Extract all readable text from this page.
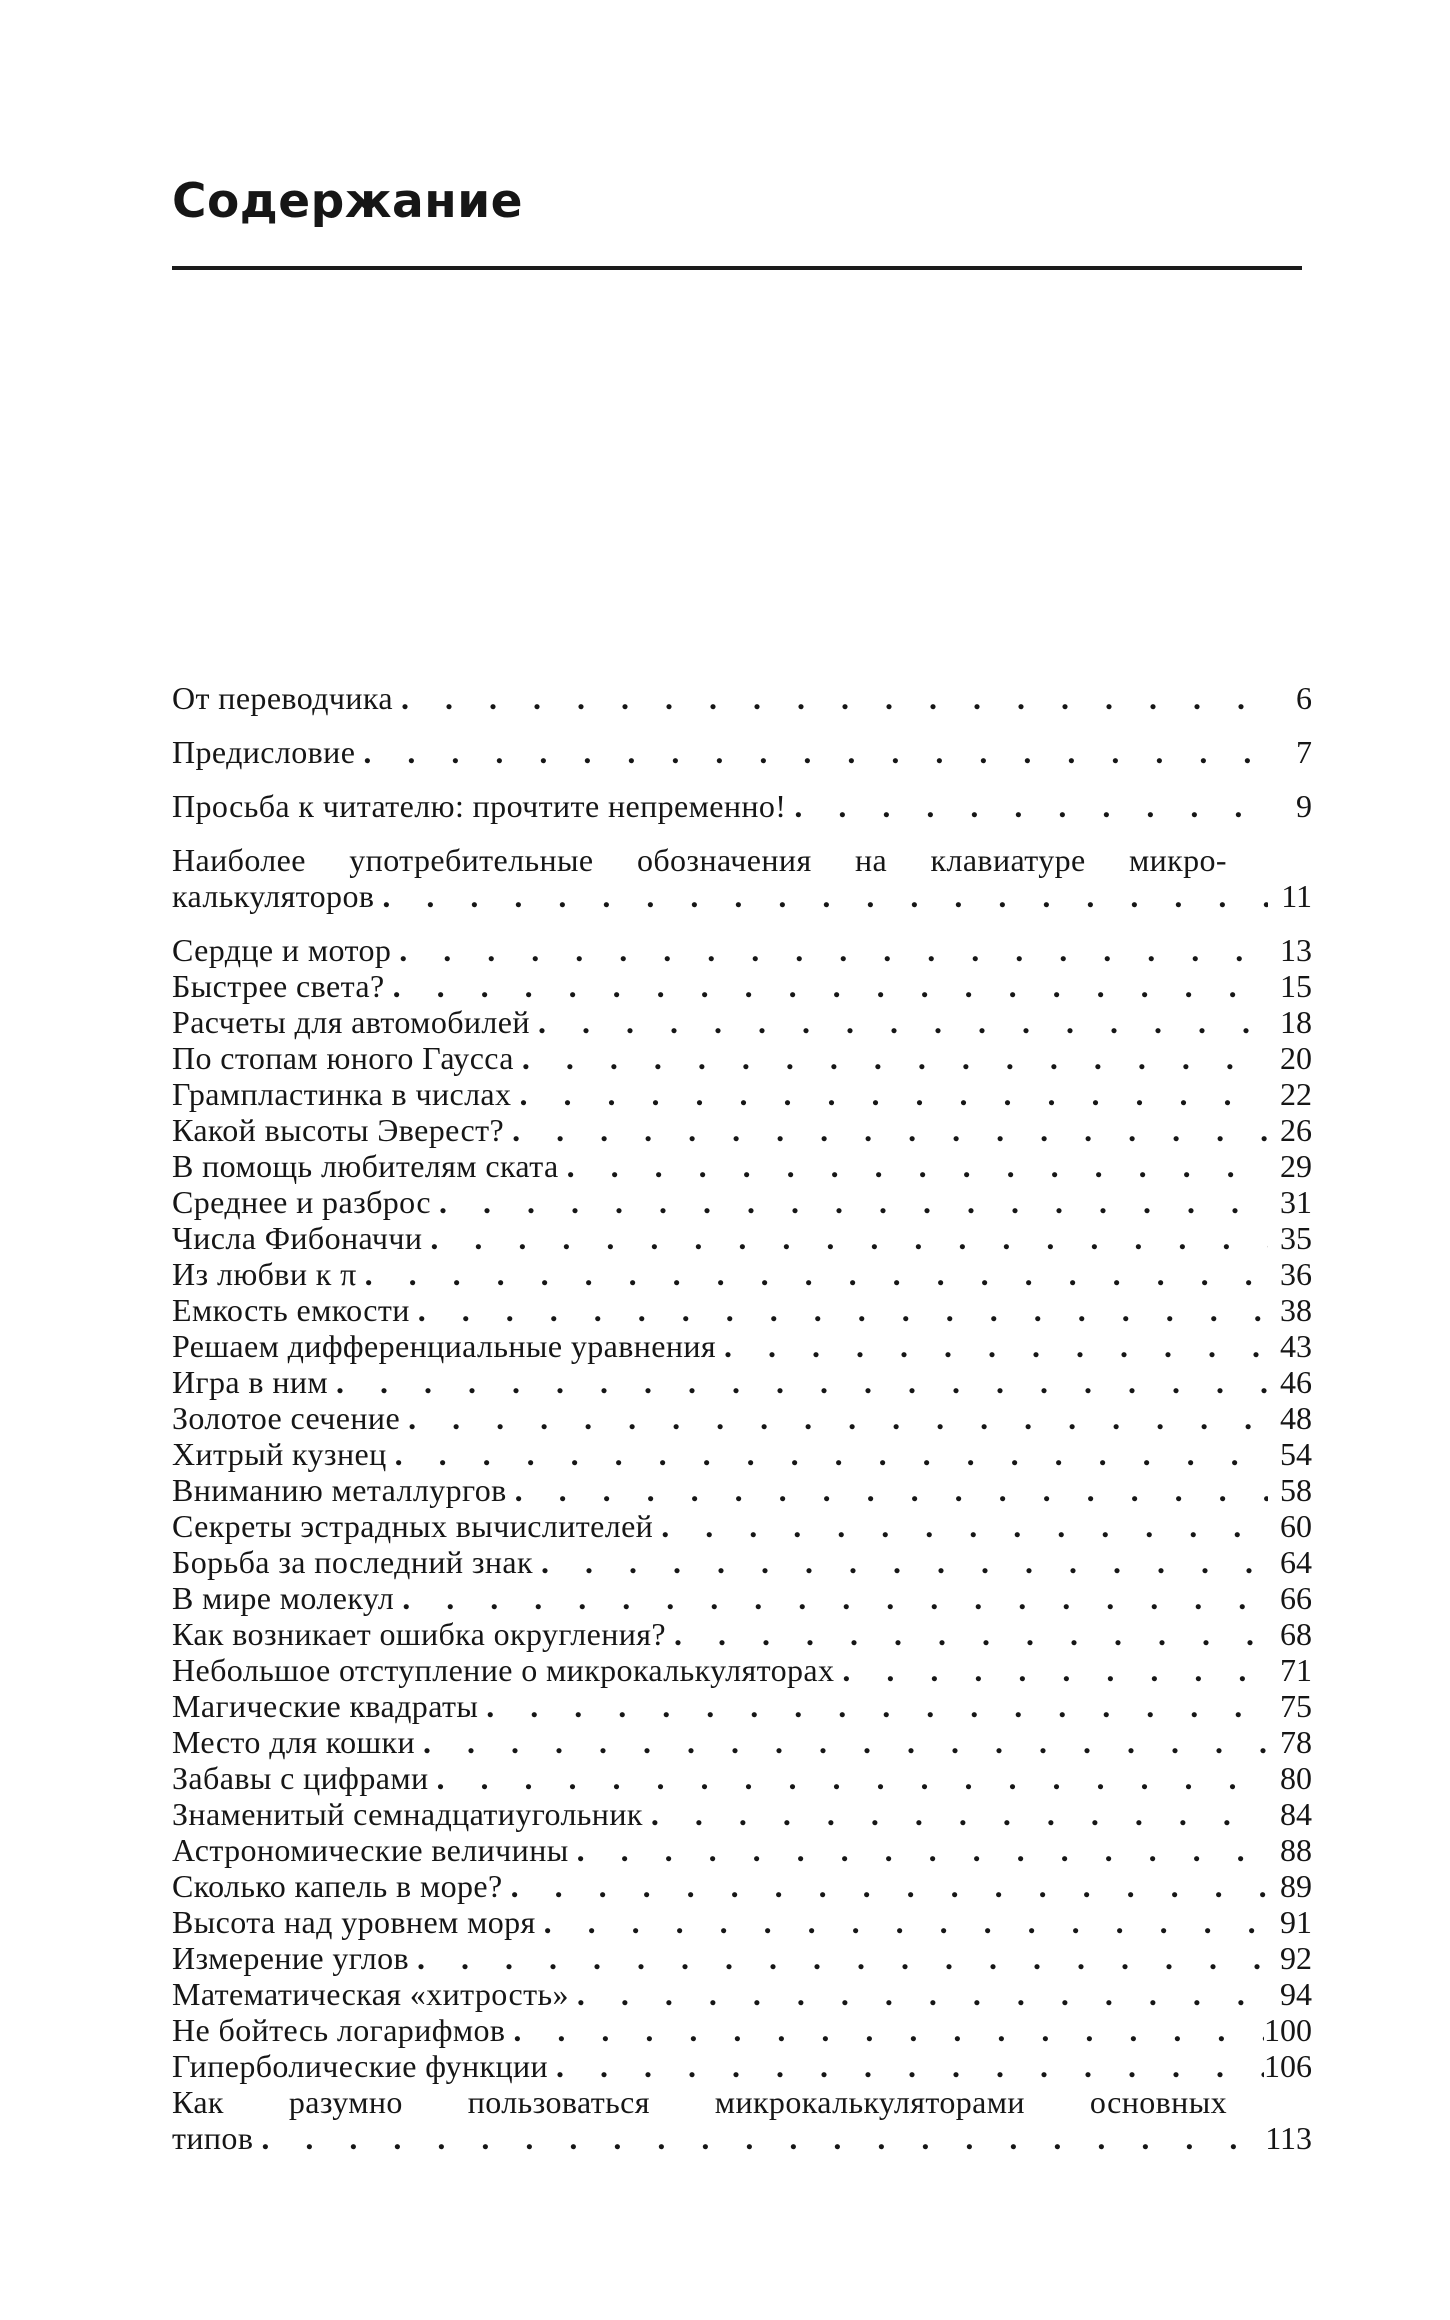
Содержание
От переводчика . . .	6
Предисловие . . .	7
Просьба к читателю: прочтите непременно! . . .	9
Наиболее употребительные обозначения на клавиатуре микро-
калькуляторов . . .	11
Сердце и мотор . . .	13
Быстрее света? . . .	15
Расчеты для автомобилей . . .	18
По стопам юного Гаусса . . .	20
Грампластинка в числах . . .	22
Какой высоты Эверест? . . .	26
В помощь любителям ската . . .	29
Среднее и разброс . . .	31
Числа Фибоначчи . . .	35
Из любви к π . . .	36
Емкость емкости . . .	38
Решаем дифференциальные уравнения . . .	43
Игра в ним . . .	46
Золотое сечение . . .	48
Хитрый кузнец . . .	54
Вниманию металлургов . . .	58
Секреты эстрадных вычислителей . . .	60
Борьба за последний знак . . .	64
В мире молекул . . .	66
Как возникает ошибка округления? . . .	68
Небольшое отступление о микрокалькуляторах . . .	71
Магические квадраты . . .	75
Место для кошки . . .	78
Забавы с цифрами . . .	80
Знаменитый семнадцатиугольник . . .	84
Астрономические величины . . .	88
Сколько капель в море? . . .	89
Высота над уровнем моря . . .	91
Измерение углов . . .	92
Математическая «хитрость» . . .	94
Не бойтесь логарифмов . . .	100
Гиперболические функции . . .	106
Как разумно пользоваться микрокалькуляторами основных
типов . . .	113
